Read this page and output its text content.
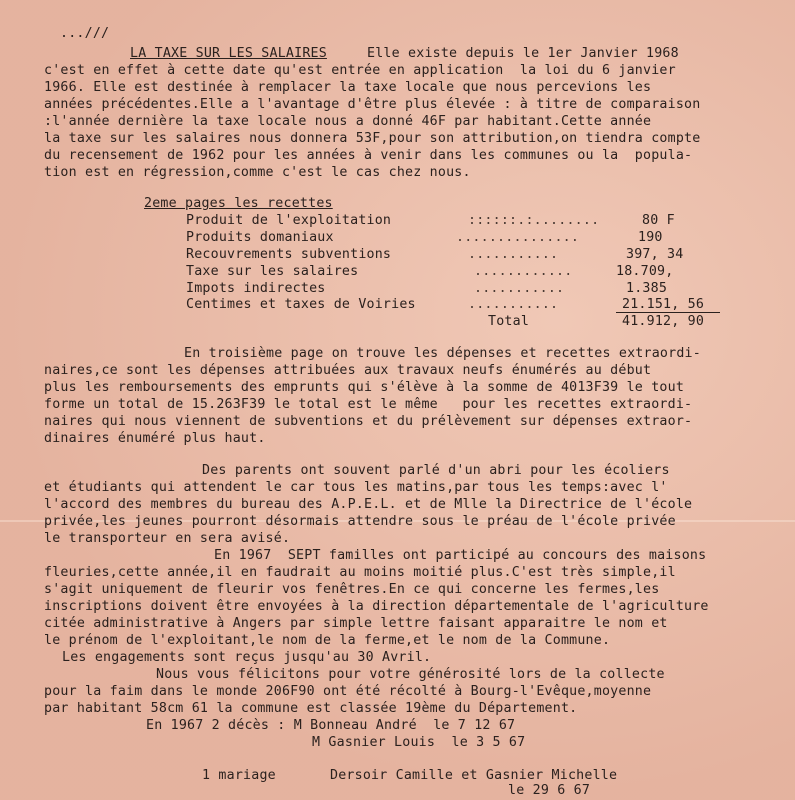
...///
LA TAXE SUR LES SALAIRES	Elle existe depuis le 1er Janvier 1968
c'est en effet à cette date qu'est entrée en application  la loi du 6 janvier
1966. Elle est destinée à remplacer la taxe locale que nous percevions les
années précédentes.Elle a l'avantage d'être plus élevée : à titre de comparaison
:l'année dernière la taxe locale nous a donné 46F par habitant.Cette année
la taxe sur les salaires nous donnera 53F,pour son attribution,on tiendra compte
du recensement de 1962 pour les années à venir dans les communes ou la  popula-
tion est en régression,comme c'est le cas chez nous.
2eme pages les recettes
Produit de l'exploitation	::::::.:........	80 F
Produits domaniaux	...............	190
Recouvrements subventions	...........	397, 34
Taxe sur les salaires	............	18.709,
Impots indirectes	...........	1.385
Centimes et taxes de Voiries	...........	21.151, 56
Total	41.912, 90
En troisième page on trouve les dépenses et recettes extraordi-
naires,ce sont les dépenses attribuées aux travaux neufs énumérés au début
plus les remboursements des emprunts qui s'élève à la somme de 4013F39 le tout
forme un total de 15.263F39 le total est le même   pour les recettes extraordi-
naires qui nous viennent de subventions et du prélèvement sur dépenses extraor-
dinaires énuméré plus haut.
Des parents ont souvent parlé d'un abri pour les écoliers
et étudiants qui attendent le car tous les matins,par tous les temps:avec l'
l'accord des membres du bureau des A.P.E.L. et de Mlle la Directrice de l'école
privée,les jeunes pourront désormais attendre sous le préau de l'école privée
le transporteur en sera avisé.
En 1967  SEPT familles ont participé au concours des maisons
fleuries,cette année,il en faudrait au moins moitié plus.C'est très simple,il
s'agit uniquement de fleurir vos fenêtres.En ce qui concerne les fermes,les
inscriptions doivent être envoyées à la direction départementale de l'agriculture
citée administrative à Angers par simple lettre faisant apparaitre le nom et
le prénom de l'exploitant,le nom de la ferme,et le nom de la Commune.
Les engagements sont reçus jusqu'au 30 Avril.
Nous vous félicitons pour votre générosité lors de la collecte
pour la faim dans le monde 206F90 ont été récolté à Bourg-l'Evêque,moyenne
par habitant 58cm 61 la commune est classée 19ème du Département.
En 1967 2 décès : M Bonneau André  le 7 12 67
M Gasnier Louis  le 3 5 67
1 mariage	Dersoir Camille et Gasnier Michelle
le 29 6 67
